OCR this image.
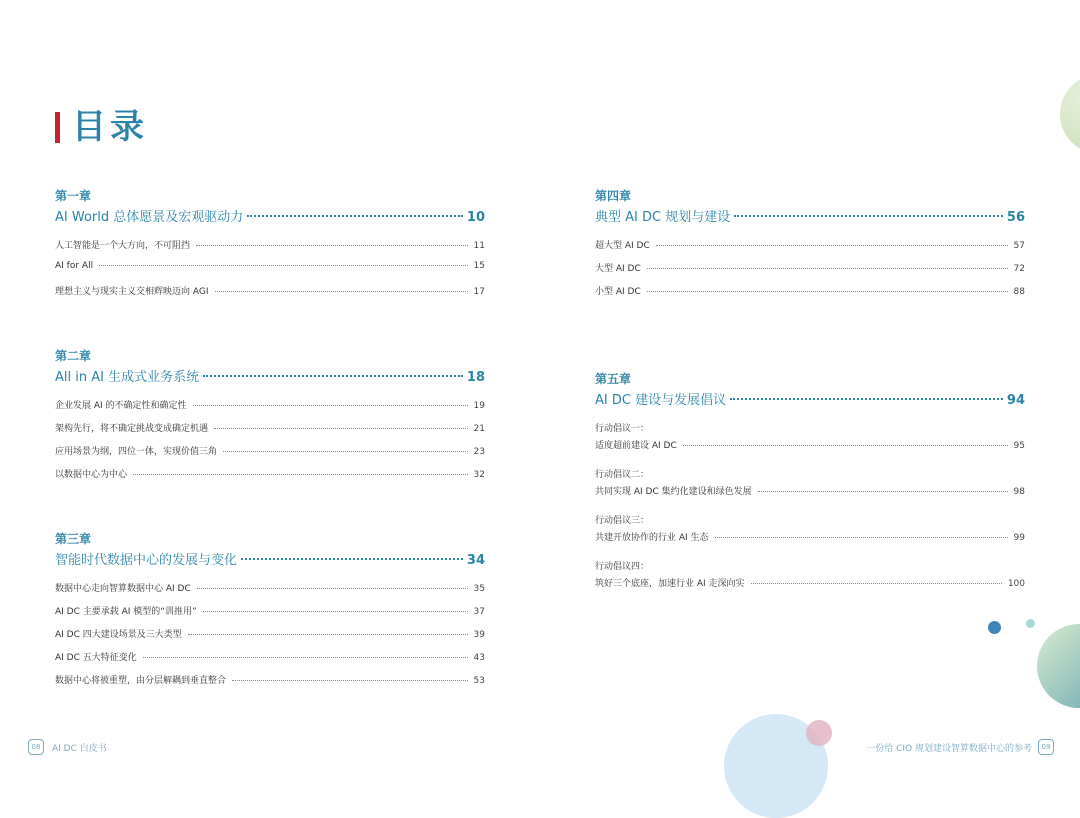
目录
第一章
AI World 总体愿景及宏观驱动力	10
人工智能是一个大方向，不可阻挡	11
AI for All	15
理想主义与现实主义交相辉映迈向 AGI	17
第二章
All in AI 生成式业务系统	18
企业发展 AI 的不确定性和确定性	19
架构先行，将不确定挑战变成确定机遇	21
应用场景为纲，四位一体，实现价值三角	23
以数据中心为中心	32
第三章
智能时代数据中心的发展与变化	34
数据中心走向智算数据中心 AI DC	35
AI DC 主要承载 AI 模型的“训推用”	37
AI DC 四大建设场景及三大类型	39
AI DC 五大特征变化	43
数据中心将被重塑，由分层解耦到垂直整合	53
第四章
典型 AI DC 规划与建设	56
超大型 AI DC	57
大型 AI DC	72
小型 AI DC	88
第五章
AI DC 建设与发展倡议	94
行动倡议一：
适度超前建设 AI DC	95
行动倡议二：
共同实现 AI DC 集约化建设和绿色发展	98
行动倡议三：
共建开放协作的行业 AI 生态	99
行动倡议四：
筑好三个底座，加速行业 AI 走深向实	100
08	AI DC 白皮书	一份给 CIO 规划建设智算数据中心的参考	09
